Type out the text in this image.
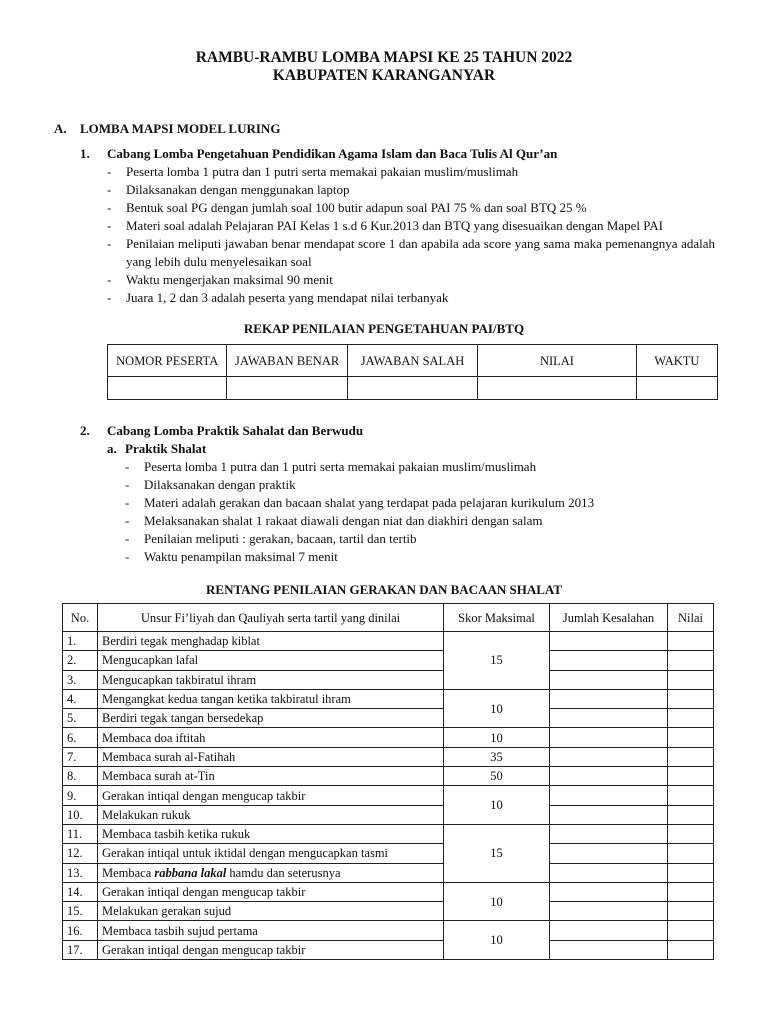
RAMBU-RAMBU LOMBA MAPSI KE 25 TAHUN 2022
KABUPATEN KARANGANYAR
A. LOMBA MAPSI MODEL LURING
1. Cabang Lomba Pengetahuan Pendidikan Agama Islam dan Baca Tulis Al Qur’an
- Peserta lomba 1 putra dan 1 putri serta memakai pakaian muslim/muslimah
- Dilaksanakan dengan menggunakan laptop
- Bentuk soal PG dengan jumlah soal 100 butir adapun soal PAI 75 % dan soal BTQ 25 %
- Materi soal adalah Pelajaran PAI Kelas 1 s.d 6 Kur.2013 dan BTQ yang disesuaikan dengan Mapel PAI
- Penilaian meliputi jawaban benar mendapat score 1 dan apabila ada score yang sama maka pemenangnya adalah yang lebih dulu menyelesaikan soal
- Waktu mengerjakan maksimal 90 menit
- Juara 1, 2 dan 3 adalah peserta yang mendapat nilai terbanyak
REKAP PENILAIAN PENGETAHUAN PAI/BTQ
NOMOR PESERTA	JAWABAN BENAR	JAWABAN SALAH	NILAI	WAKTU

2. Cabang Lomba Praktik Sahalat dan Berwudu
a. Praktik Shalat
- Peserta lomba 1 putra dan 1 putri serta memakai pakaian muslim/muslimah
- Dilaksanakan dengan praktik
- Materi adalah gerakan dan bacaan shalat yang terdapat pada pelajaran kurikulum 2013
- Melaksanakan shalat 1 rakaat diawali dengan niat dan diakhiri dengan salam
- Penilaian meliputi : gerakan, bacaan, tartil dan tertib
- Waktu penampilan maksimal 7 menit
RENTANG PENILAIAN GERAKAN DAN BACAAN SHALAT
No.	Unsur Fi’liyah dan Qauliyah serta tartil yang dinilai	Skor Maksimal	Jumlah Kesalahan	Nilai
1.	Berdiri tegak menghadap kiblat	15		
2.	Mengucapkan lafal			
3.	Mengucapkan takbiratul ihram			
4.	Mengangkat kedua tangan ketika takbiratul ihram	10		
5.	Berdiri tegak tangan bersedekap			
6.	Membaca doa iftitah	10		
7.	Membaca surah al-Fatihah	35		
8.	Membaca surah at-Tin	50		
9.	Gerakan intiqal dengan mengucap takbir	10		
10.	Melakukan rukuk			
11.	Membaca tasbih ketika rukuk	15		
12.	Gerakan intiqal untuk iktidal dengan mengucapkan tasmi			
13.	Membaca rabbana lakal hamdu dan seterusnya			
14.	Gerakan intiqal dengan mengucap takbir	10		
15.	Melakukan gerakan sujud			
16.	Membaca tasbih sujud pertama	10		
17.	Gerakan intiqal dengan mengucap takbir			
